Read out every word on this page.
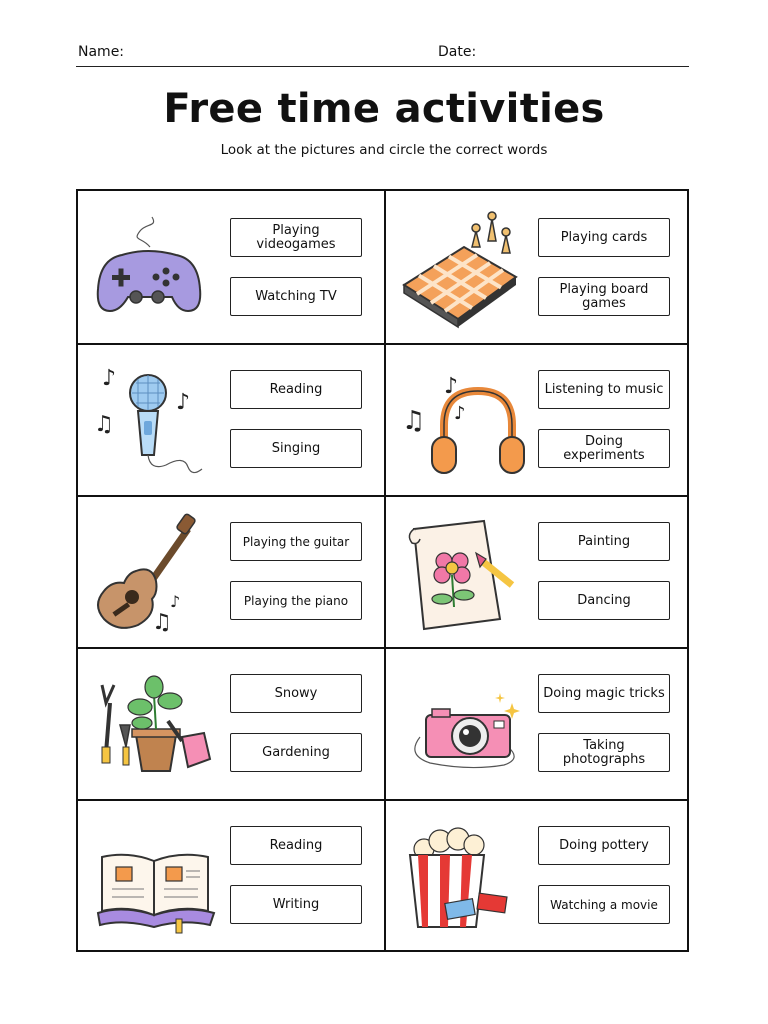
Name:	Date:
Free time activities
Look at the pictures and circle the correct words
Playing videogames
Watching TV
Playing cards
Playing board games
♪
♪
♫
Reading
Singing
♪
♫ ♪
Listening to music
Doing experiments
♫
♪
Playing the guitar
Playing the piano
Painting
Dancing
Snowy
Gardening
Doing magic tricks
Taking photographs
Reading
Writing
Doing pottery
Watching a movie
